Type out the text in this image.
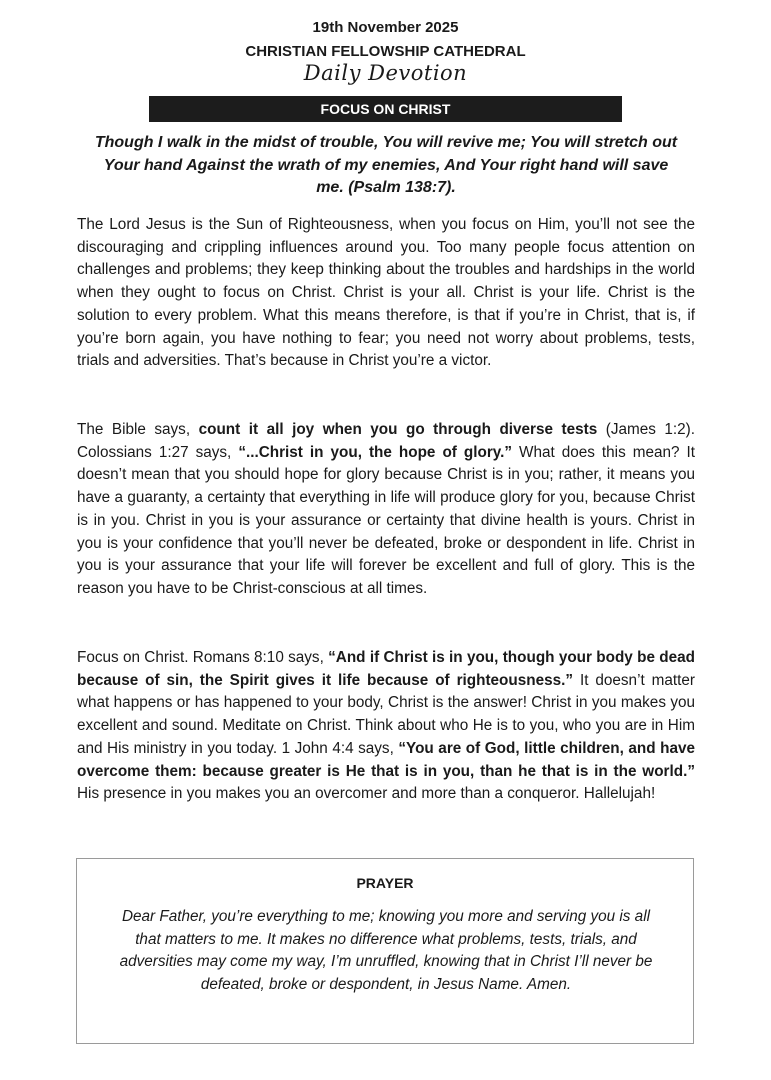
19th November 2025
CHRISTIAN FELLOWSHIP CATHEDRAL
Daily Devotion
FOCUS ON CHRIST
Though I walk in the midst of trouble, You will revive me; You will stretch out Your hand Against the wrath of my enemies, And Your right hand will save me. (Psalm 138:7).

The Lord Jesus is the Sun of Righteousness, when you focus on Him, you’ll not see the discouraging and crippling influences around you. Too many people focus attention on challenges and problems; they keep thinking about the troubles and hardships in the world when they ought to focus on Christ. Christ is your all. Christ is your life. Christ is the solution to every problem. What this means therefore, is that if you’re in Christ, that is, if you’re born again, you have nothing to fear; you need not worry about problems, tests, trials and adversities. That’s because in Christ you’re a victor.

The Bible says, count it all joy when you go through diverse tests (James 1:2). Colossians 1:27 says, “...Christ in you, the hope of glory.” What does this mean? It doesn’t mean that you should hope for glory because Christ is in you; rather, it means you have a guaranty, a certainty that everything in life will produce glory for you, because Christ is in you. Christ in you is your assurance or certainty that divine health is yours. Christ in you is your confidence that you’ll never be defeated, broke or despondent in life. Christ in you is your assurance that your life will forever be excellent and full of glory. This is the reason you have to be Christ-conscious at all times.

Focus on Christ. Romans 8:10 says, “And if Christ is in you, though your body be dead because of sin, the Spirit gives it life because of righteousness.” It doesn’t matter what happens or has happened to your body, Christ is the answer! Christ in you makes you excellent and sound. Meditate on Christ. Think about who He is to you, who you are in Him and His ministry in you today. 1 John 4:4 says, “You are of God, little children, and have overcome them: because greater is He that is in you, than he that is in the world.” His presence in you makes you an overcomer and more than a conqueror. Hallelujah!

PRAYER
Dear Father, you’re everything to me; knowing you more and serving you is all that matters to me. It makes no difference what problems, tests, trials, and adversities may come my way, I’m unruffled, knowing that in Christ I’ll never be defeated, broke or despondent, in Jesus Name. Amen.
